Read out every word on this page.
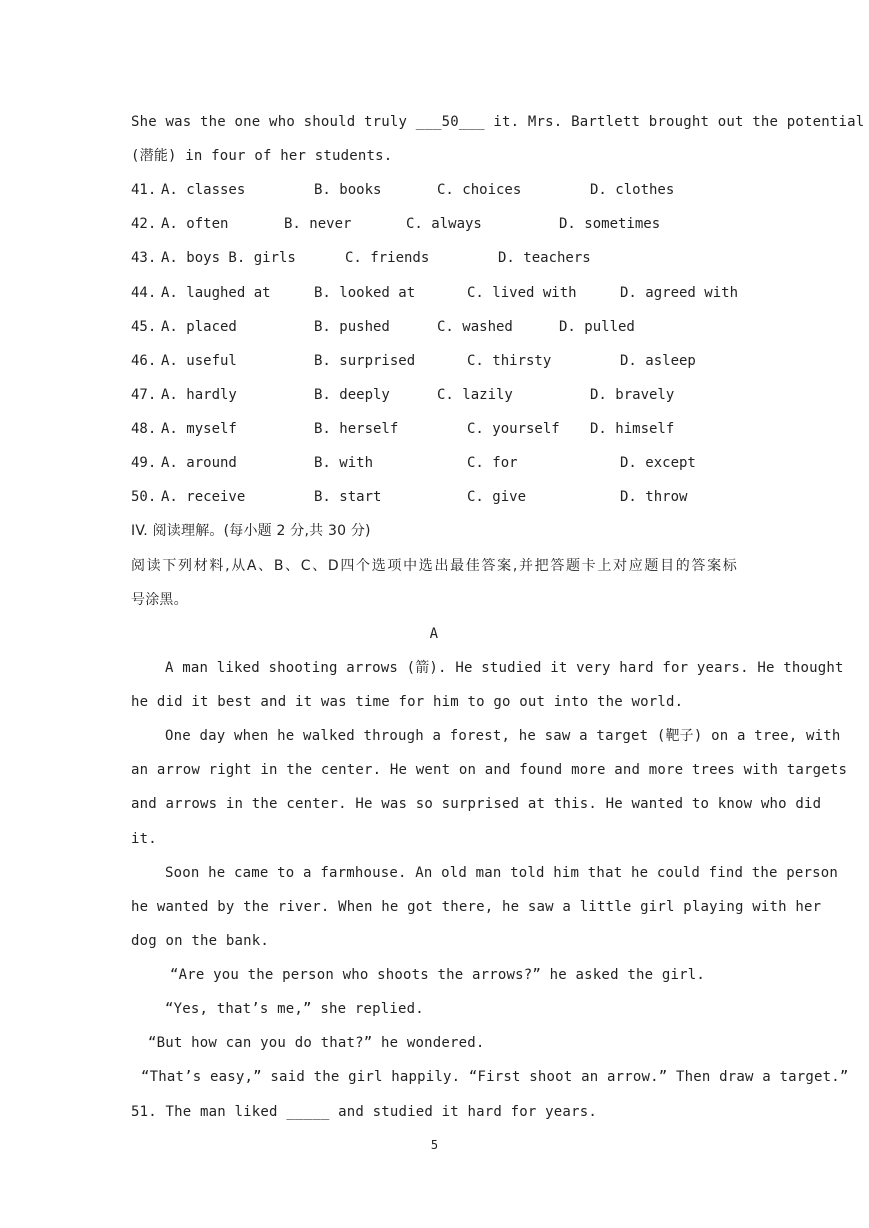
She was the one who should truly ___50___ it. Mrs. Bartlett brought out the potential
(潜能) in four of her students.
41. A. classes	B. books	C. choices	D. clothes
42. A. often	B. never	C. always	D. sometimes
43. A. boys B. girls	C. friends	D. teachers
44. A. laughed at	B. looked at	C. lived with	D. agreed with
45. A. placed	B. pushed	C. washed	D. pulled
46. A. useful	B. surprised	C. thirsty	D. asleep
47. A. hardly	B. deeply	C. lazily	D. bravely
48. A. myself	B. herself	C. yourself D. himself
49. A. around	B. with	C. for	D. except
50. A. receive	B. start	C. give	D. throw
IV. 阅读理解。(每小题 2 分,共 30 分)
阅读下列材料,从A、B、C、D四个选项中选出最佳答案,并把答题卡上对应题目的答案标
号涂黑。
A
A man liked shooting arrows (箭). He studied it very hard for years. He thought
he did it best and it was time for him to go out into the world.
One day when he walked through a forest, he saw a target (靶子) on a tree, with
an arrow right in the center. He went on and found more and more trees with targets
and arrows in the center. He was so surprised at this. He wanted to know who did
it.
Soon he came to a farmhouse. An old man told him that he could find the person
he wanted by the river. When he got there, he saw a little girl playing with her
dog on the bank.
“Are you the person who shoots the arrows?” he asked the girl.
“Yes, that’s me,” she replied.
“But how can you do that?” he wondered.
“That’s easy,” said the girl happily. “First shoot an arrow.” Then draw a target.”
51. The man liked _____ and studied it hard for years.
5
